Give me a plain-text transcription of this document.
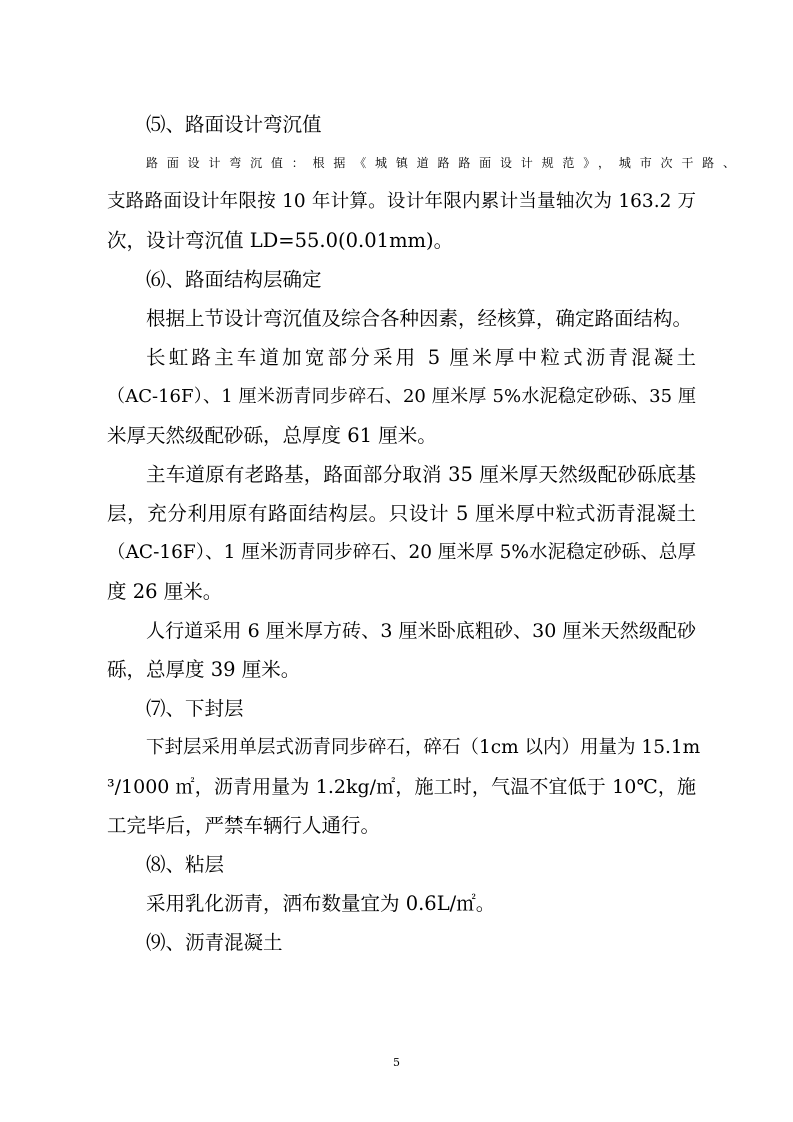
⑸、路面设计弯沉值

路面设计弯沉值：根据《城镇道路路面设计规范》，城市次干路、

支路路面设计年限按 10 年计算。设计年限内累计当量轴次为 163.2 万

次，设计弯沉值 LD=55.0(0.01mm)。

⑹、路面结构层确定

根据上节设计弯沉值及综合各种因素，经核算，确定路面结构。

长虹路主车道加宽部分采用 5 厘米厚中粒式沥青混凝土

（AC-16F）、1 厘米沥青同步碎石、20 厘米厚 5%水泥稳定砂砾、35 厘

米厚天然级配砂砾，总厚度 61 厘米。

主车道原有老路基，路面部分取消 35 厘米厚天然级配砂砾底基

层，充分利用原有路面结构层。只设计 5 厘米厚中粒式沥青混凝土

（AC-16F）、1 厘米沥青同步碎石、20 厘米厚 5%水泥稳定砂砾、总厚

度 26 厘米。

人行道采用 6 厘米厚方砖、3 厘米卧底粗砂、30 厘米天然级配砂

砾，总厚度 39 厘米。

⑺、下封层

下封层采用单层式沥青同步碎石，碎石（1cm 以内）用量为 15.1m

³/1000 ㎡，沥青用量为 1.2kg/㎡，施工时，气温不宜低于 10℃，施

工完毕后，严禁车辆行人通行。

⑻、粘层

采用乳化沥青，洒布数量宜为 0.6L/㎡。

⑼、沥青混凝土

5
